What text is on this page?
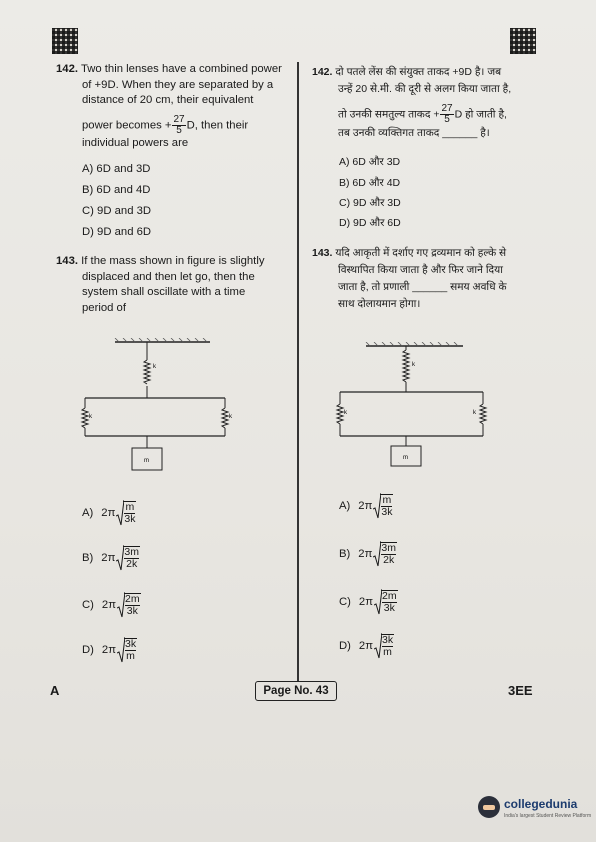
142. Two thin lenses have a combined power
of +9D. When they are separated by a
distance of 20 cm, their equivalent
power becomes + $\frac{27}{5} D$, then their
individual powers are
A) 6D and 3D
B) 6D and 4D
C) 9D and 3D
D) 9D and 6D
143. If the mass shown in figure is slightly
displaced and then let go, then the
system shall oscillate with a time
period of
k
k	k
m
A) 2π m
3k
B) 2π 3m
2k
C) 2π 2m
3k
D) 2π 3k
m
142. दो पतले लेंस की संयुक्त ताकद +9D है। जब
उन्हें 20 से.मी. की दूरी से अलग किया जाता है,
तो उनकी समतुल्य ताकद + $\frac{27}{5}$ D हो जाती है,
तब उनकी व्यक्तिगत ताकद ______ है।
A) 6D और 3D
B) 6D और 4D
C) 9D और 3D
D) 9D और 6D
143. यदि आकृती में दर्शाए गए द्रव्यमान को हल्के से
विस्थापित किया जाता है और फिर जाने दिया
जाता है, तो प्रणाली ______ समय अवधि के
साथ दोलायमान होगा।
k
k	k
m
A) 2π m
3k
B) 2π 3m
2k
C) 2π 2m
3k
D) 2π 3k
m
A	Page No. 43	3EE
collegedunia
India's largest Student Review Platform
